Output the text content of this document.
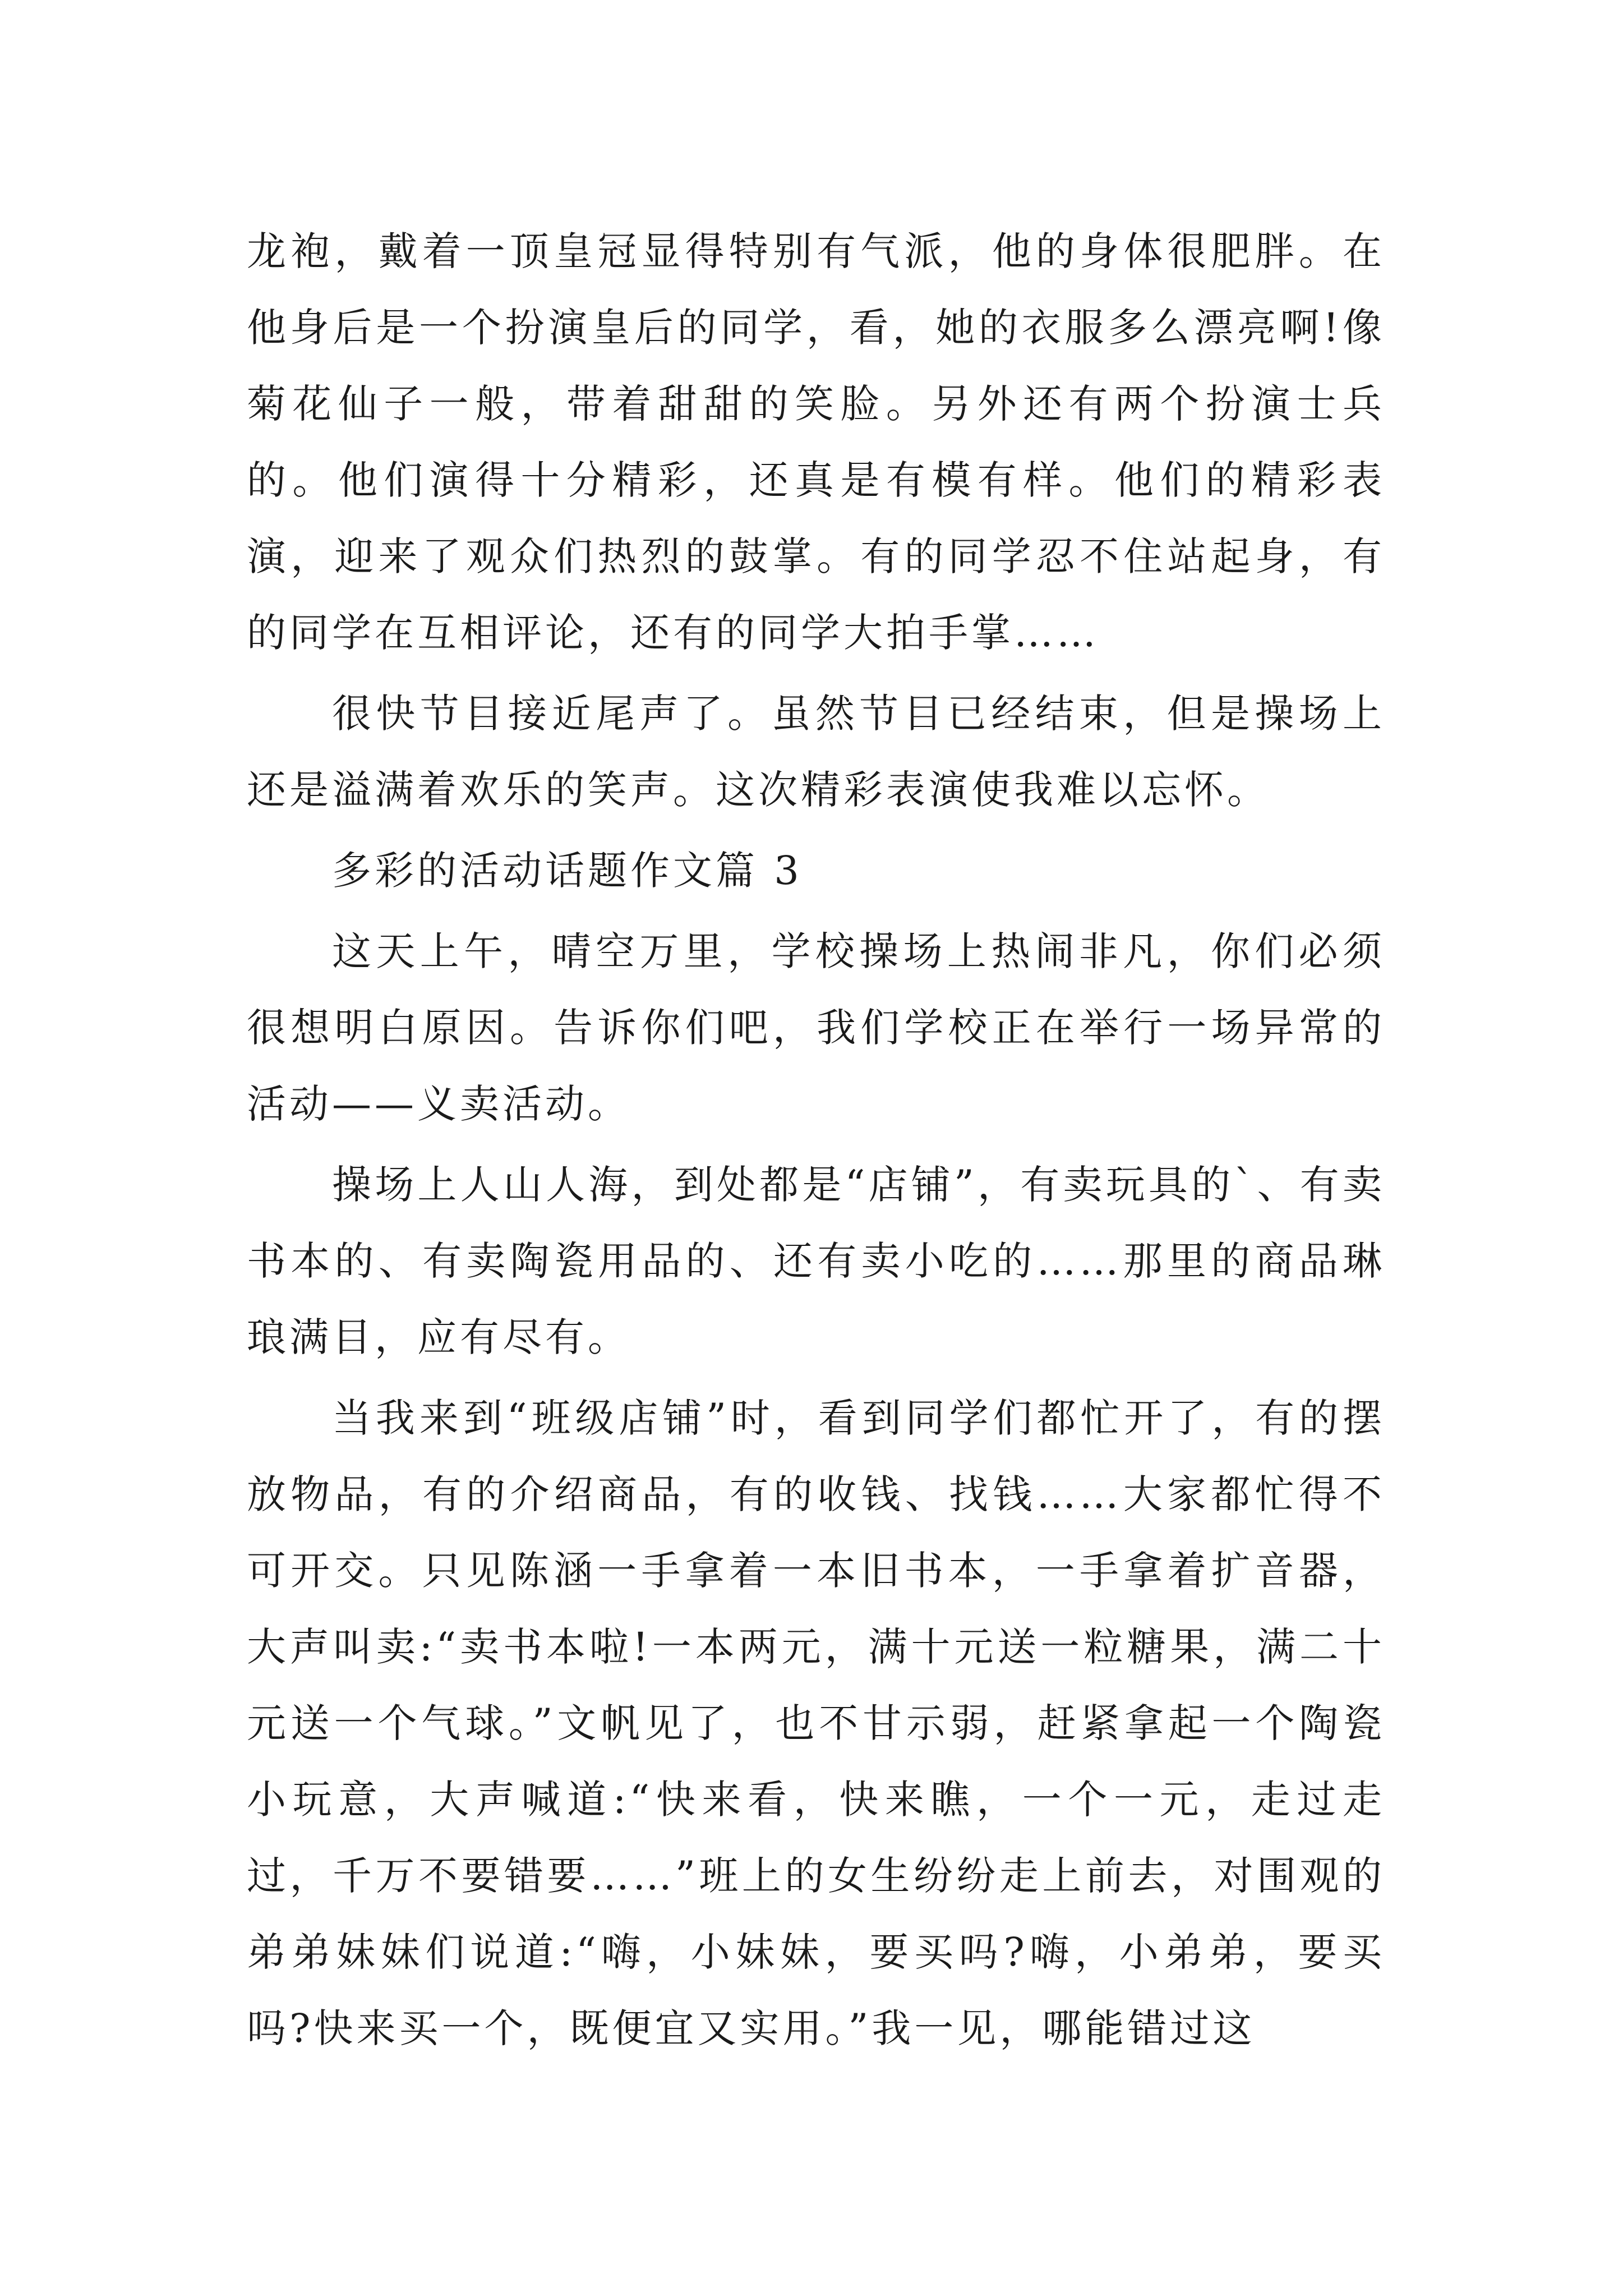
龙袍，戴着一顶皇冠显得特别有气派，他的身体很肥胖。在他身后是一个扮演皇后的同学，看，她的衣服多么漂亮啊!像菊花仙子一般，带着甜甜的笑脸。另外还有两个扮演士兵的。他们演得十分精彩，还真是有模有样。他们的精彩表演，迎来了观众们热烈的鼓掌。有的同学忍不住站起身，有的同学在互相评论，还有的同学大拍手掌……

很快节目接近尾声了。虽然节目已经结束，但是操场上还是溢满着欢乐的笑声。这次精彩表演使我难以忘怀。

多彩的活动话题作文篇 3

这天上午，晴空万里，学校操场上热闹非凡，你们必须很想明白原因。告诉你们吧，我们学校正在举行一场异常的活动——义卖活动。

操场上人山人海，到处都是“店铺”，有卖玩具的`、有卖书本的、有卖陶瓷用品的、还有卖小吃的……那里的商品琳琅满目，应有尽有。

当我来到“班级店铺”时，看到同学们都忙开了，有的摆放物品，有的介绍商品，有的收钱、找钱……大家都忙得不可开交。只见陈涵一手拿着一本旧书本，一手拿着扩音器，大声叫卖:“卖书本啦!一本两元，满十元送一粒糖果，满二十元送一个气球。”文帆见了，也不甘示弱，赶紧拿起一个陶瓷小玩意，大声喊道:“快来看，快来瞧，一个一元，走过走过，千万不要错要……”班上的女生纷纷走上前去，对围观的弟弟妹妹们说道:“嗨，小妹妹，要买吗?嗨，小弟弟，要买吗?快来买一个，既便宜又实用。”我一见，哪能错过这
